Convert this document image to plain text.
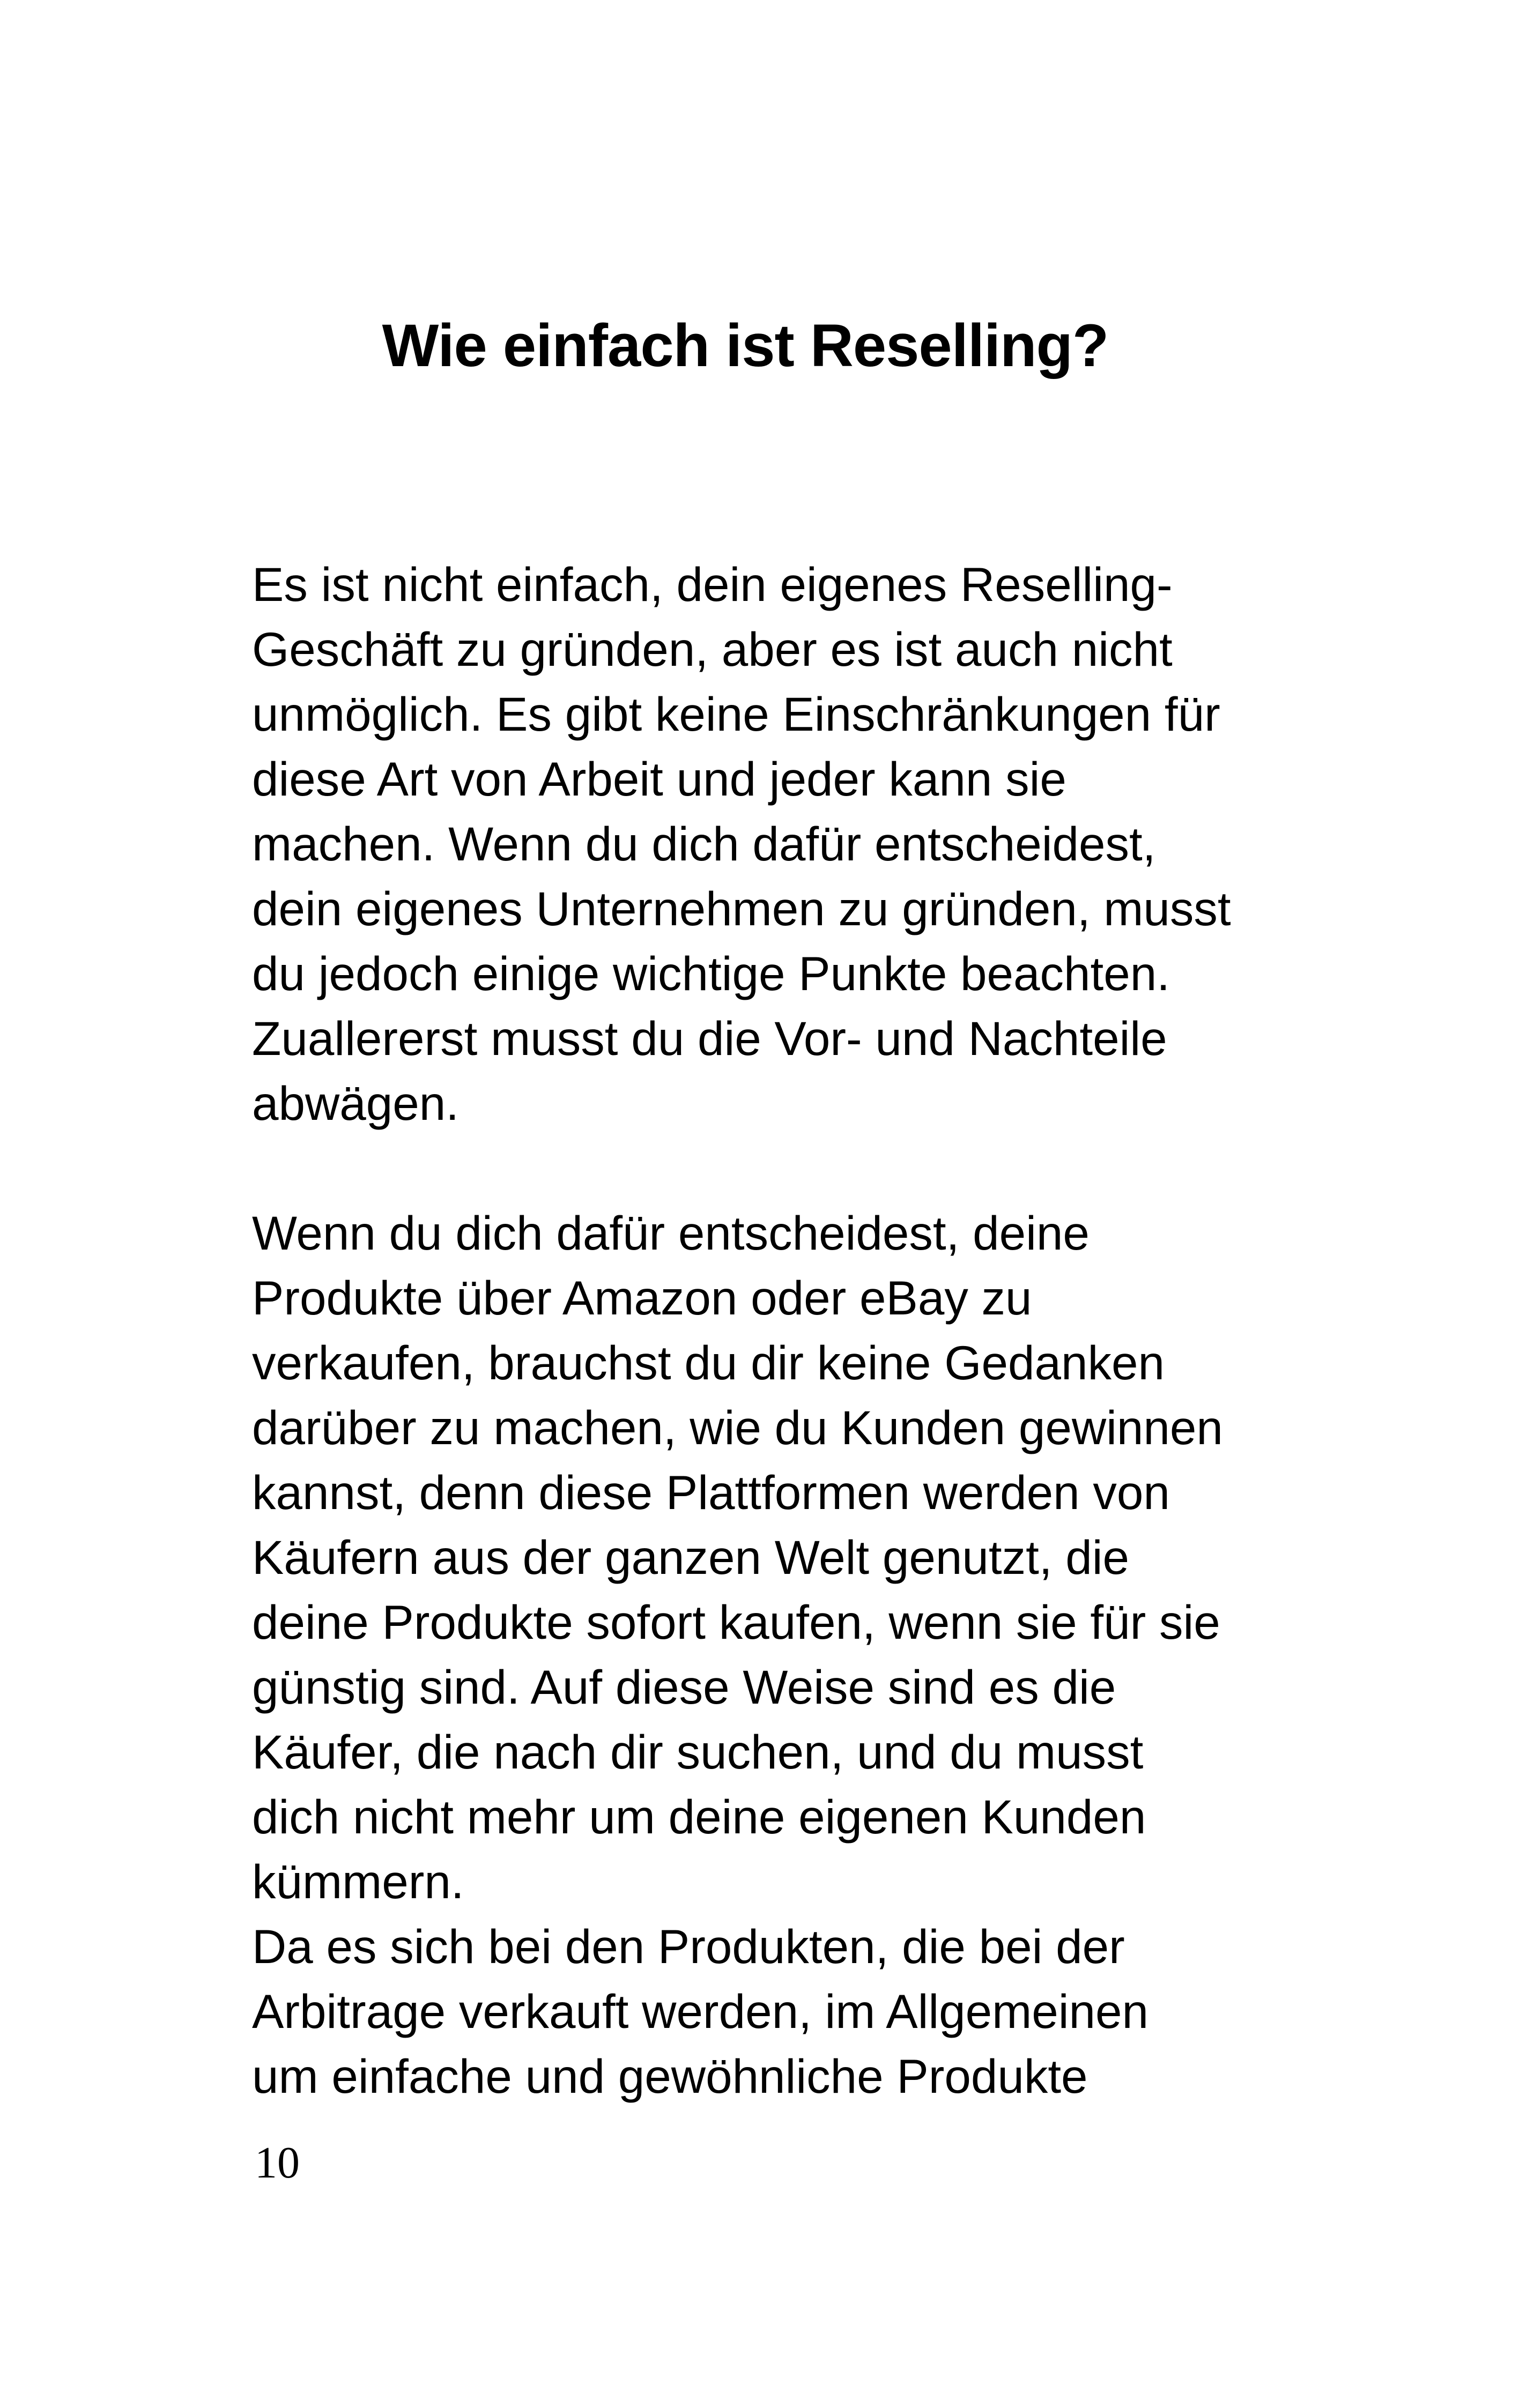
Wie einfach ist Reselling?
Es ist nicht einfach, dein eigenes Reselling-
Geschäft zu gründen, aber es ist auch nicht
unmöglich. Es gibt keine Einschränkungen für
diese Art von Arbeit und jeder kann sie
machen. Wenn du dich dafür entscheidest,
dein eigenes Unternehmen zu gründen, musst
du jedoch einige wichtige Punkte beachten.
Zuallererst musst du die Vor- und Nachteile
abwägen.
Wenn du dich dafür entscheidest, deine
Produkte über Amazon oder eBay zu
verkaufen, brauchst du dir keine Gedanken
darüber zu machen, wie du Kunden gewinnen
kannst, denn diese Plattformen werden von
Käufern aus der ganzen Welt genutzt, die
deine Produkte sofort kaufen, wenn sie für sie
günstig sind. Auf diese Weise sind es die
Käufer, die nach dir suchen, und du musst
dich nicht mehr um deine eigenen Kunden
kümmern.
Da es sich bei den Produkten, die bei der
Arbitrage verkauft werden, im Allgemeinen
um einfache und gewöhnliche Produkte
10
